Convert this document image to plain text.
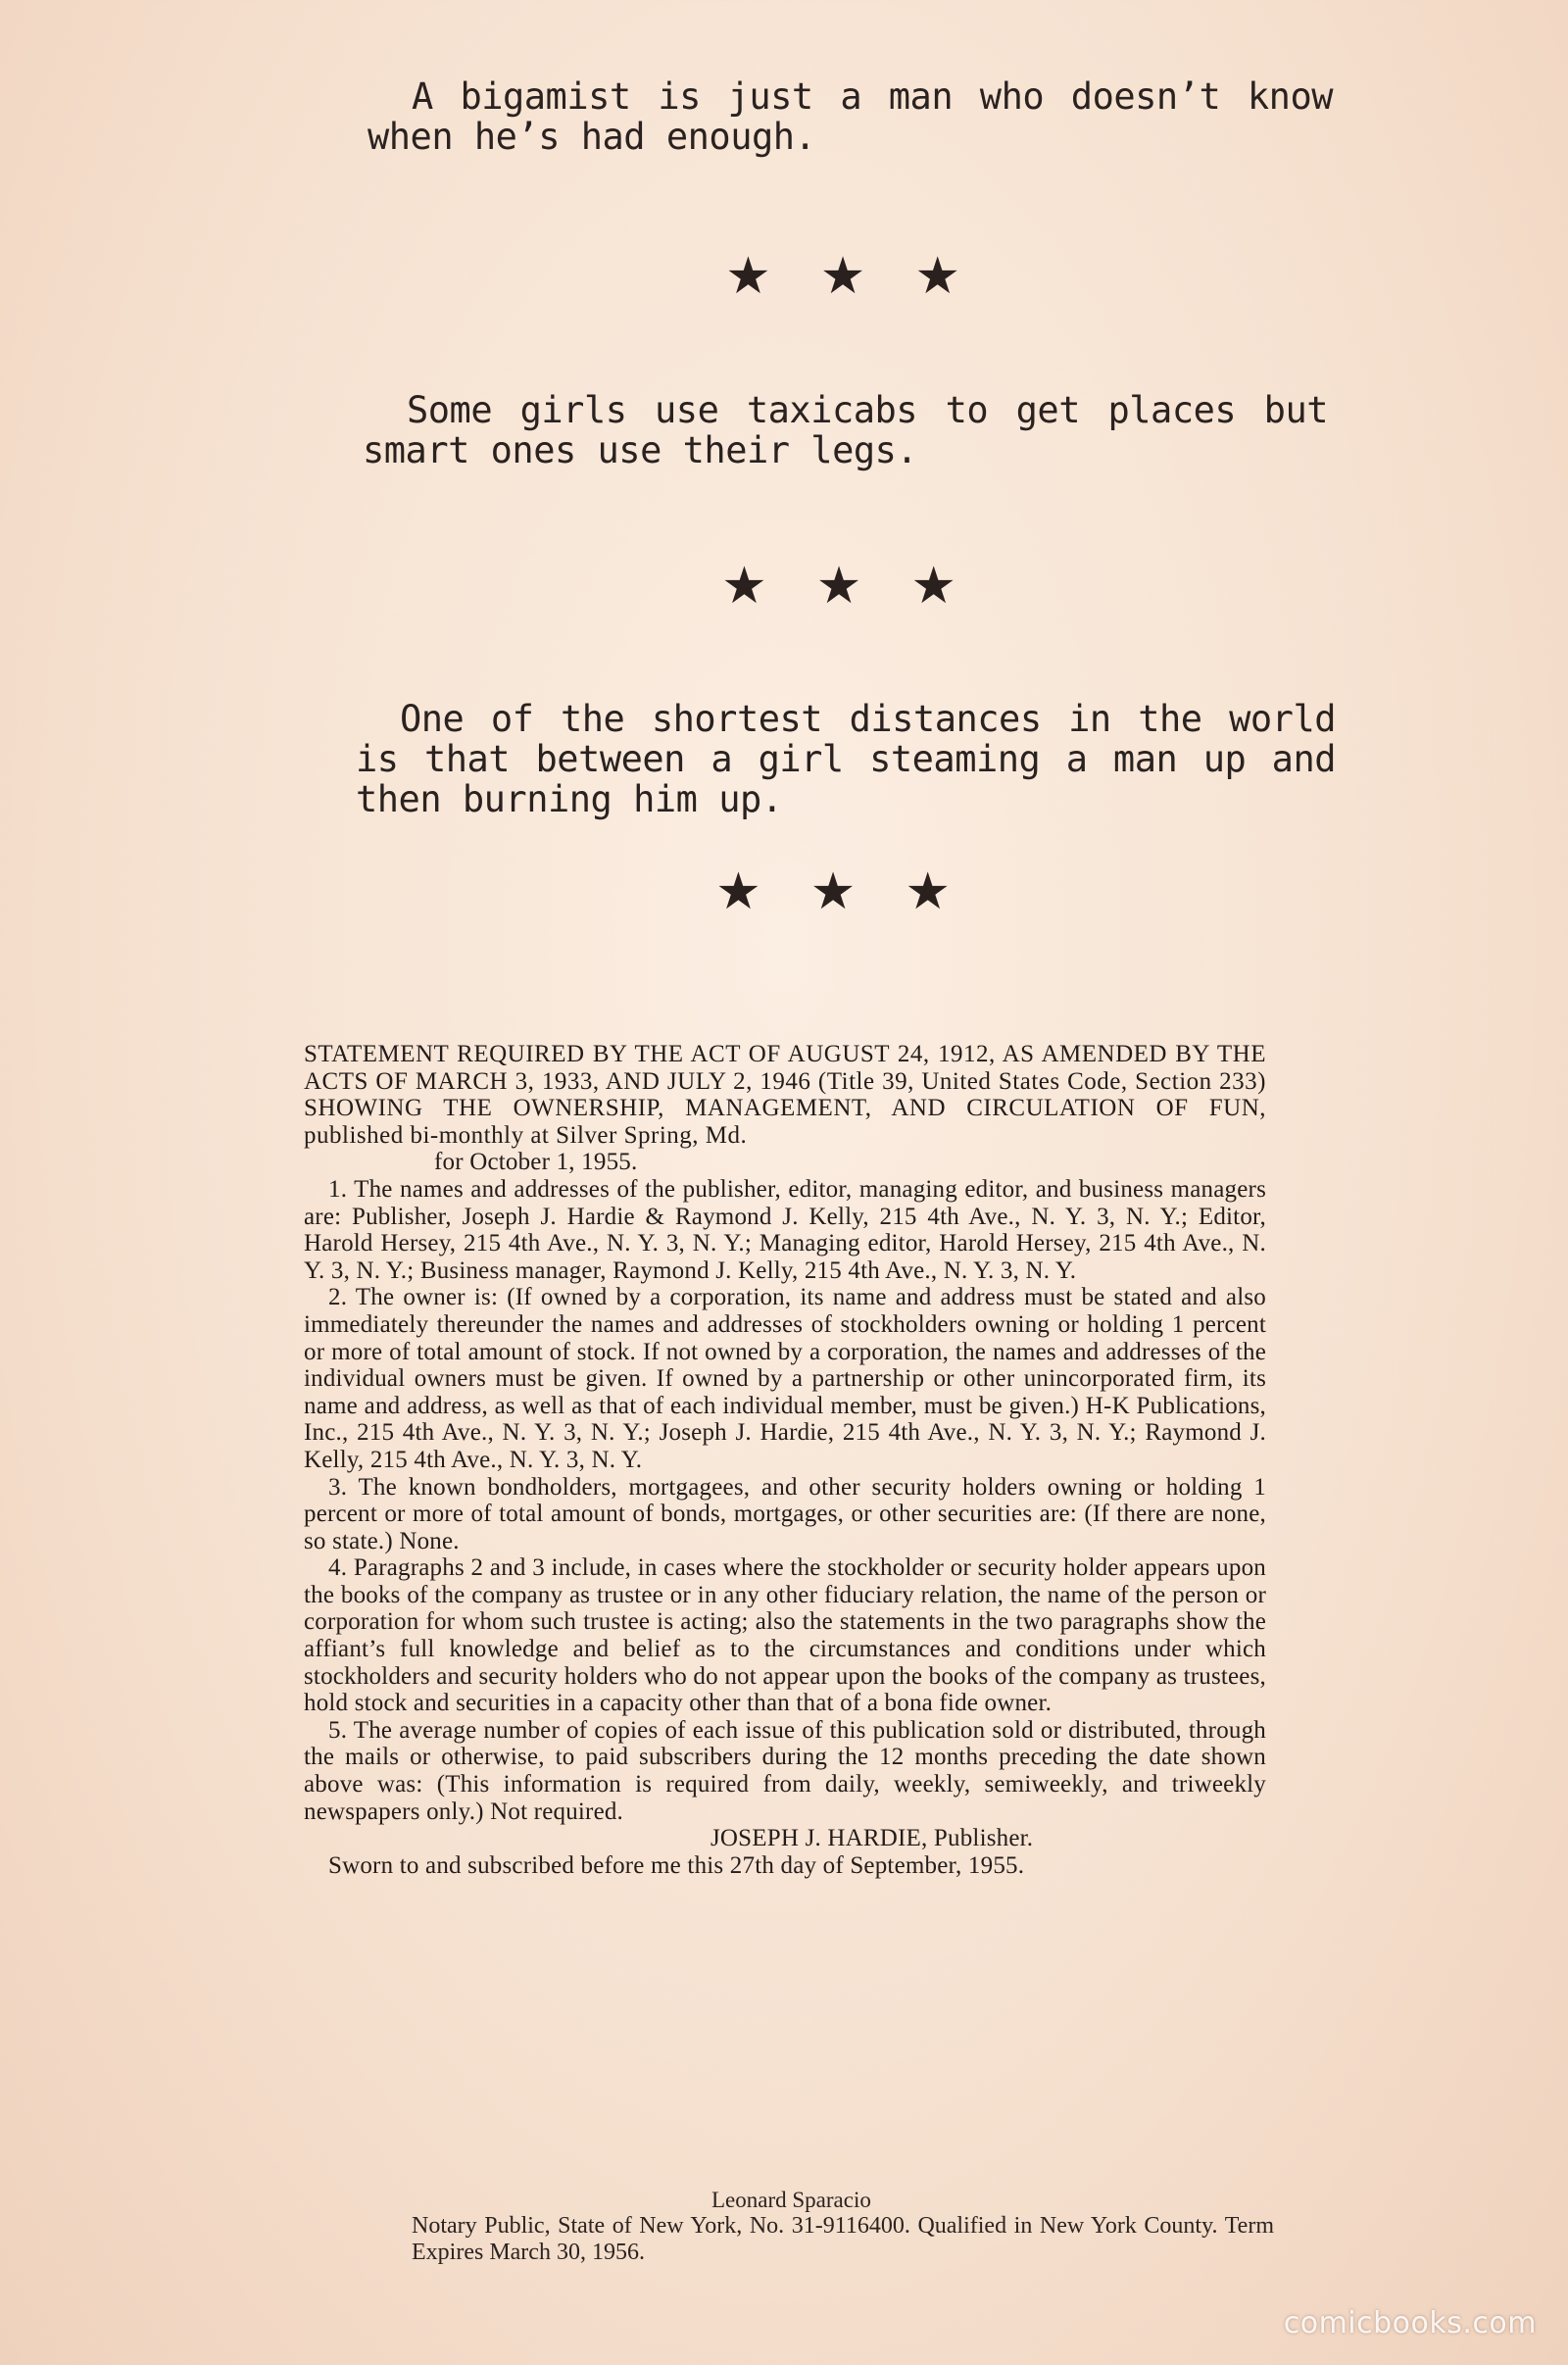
A bigamist is just a man who doesn’t know when he’s had enough.

★ ★ ★

Some girls use taxicabs to get places but smart ones use their legs.

★ ★ ★

One of the shortest distances in the world is that between a girl steaming a man up and then burning him up.

★ ★ ★

STATEMENT REQUIRED BY THE ACT OF AUGUST 24, 1912, AS AMENDED BY THE ACTS OF MARCH 3, 1933, AND JULY 2, 1946 (Title 39, United States Code, Section 233) SHOWING THE OWNERSHIP, MANAGEMENT, AND CIRCULATION OF FUN, published bi-monthly at Silver Spring, Md.

for October 1, 1955.

1. The names and addresses of the publisher, editor, managing editor, and business managers are: Publisher, Joseph J. Hardie & Raymond J. Kelly, 215 4th Ave., N. Y. 3, N. Y.; Editor, Harold Hersey, 215 4th Ave., N. Y. 3, N. Y.; Managing editor, Harold Hersey, 215 4th Ave., N. Y. 3, N. Y.; Business manager, Raymond J. Kelly, 215 4th Ave., N. Y. 3, N. Y.

2. The owner is: (If owned by a corporation, its name and address must be stated and also immediately thereunder the names and addresses of stockholders owning or holding 1 percent or more of total amount of stock. If not owned by a corporation, the names and addresses of the individual owners must be given. If owned by a partnership or other unincorporated firm, its name and address, as well as that of each individual member, must be given.) H-K Publications, Inc., 215 4th Ave., N. Y. 3, N. Y.; Joseph J. Hardie, 215 4th Ave., N. Y. 3, N. Y.; Raymond J. Kelly, 215 4th Ave., N. Y. 3, N. Y.

3. The known bondholders, mortgagees, and other security holders owning or holding 1 percent or more of total amount of bonds, mortgages, or other securities are: (If there are none, so state.) None.

4. Paragraphs 2 and 3 include, in cases where the stockholder or security holder appears upon the books of the company as trustee or in any other fiduciary relation, the name of the person or corporation for whom such trustee is acting; also the statements in the two paragraphs show the affiant’s full knowledge and belief as to the circumstances and conditions under which stockholders and security holders who do not appear upon the books of the company as trustees, hold stock and securities in a capacity other than that of a bona fide owner.

5. The average number of copies of each issue of this publication sold or distributed, through the mails or otherwise, to paid subscribers during the 12 months preceding the date shown above was: (This information is required from daily, weekly, semiweekly, and triweekly newspapers only.) Not required.

JOSEPH J. HARDIE, Publisher.

Sworn to and subscribed before me this 27th day of September, 1955.

Leonard Sparacio

Notary Public, State of New York, No. 31-9116400. Qualified in New York County. Term Expires March 30, 1956.

comicbooks.com
